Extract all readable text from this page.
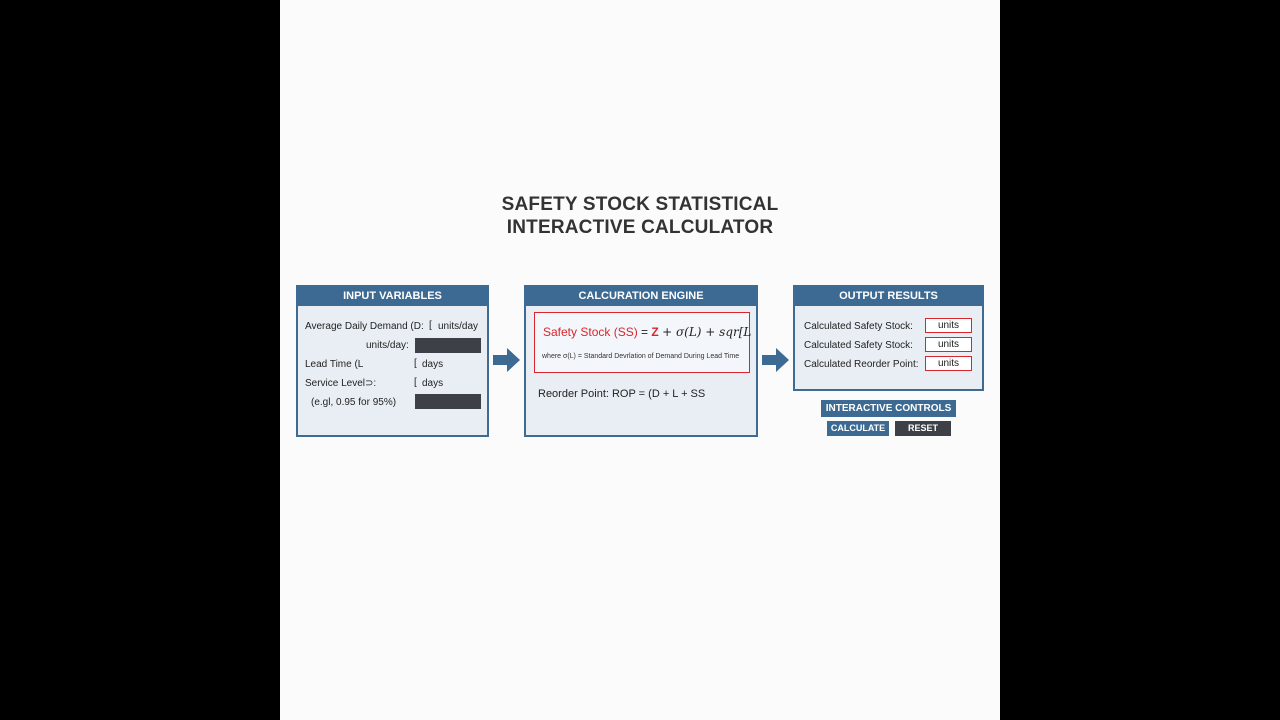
SAFETY STOCK STATISTICAL
INTERACTIVE CALCULATOR
INPUT VARIABLES
Average Daily Demand (D: [ units/day
units/day:
Lead Time (L	[ days
Service Level⊃:	[ days
(e.gl, 0.95 for 95%)
CALCURATION ENGINE
Safety Stock (SS) = Z + σ(L) + sqr[L
where σ(L) = Standard Devrlation of Demand During Lead Time
Reorder Point: ROP = (D + L + SS
OUTPUT RESULTS
Calculated Safety Stock:	units
Calculated Safety Stock:	units
Calculated Reorder Point:	units
INTERACTIVE CONTROLS
CALCULATE	RESET
